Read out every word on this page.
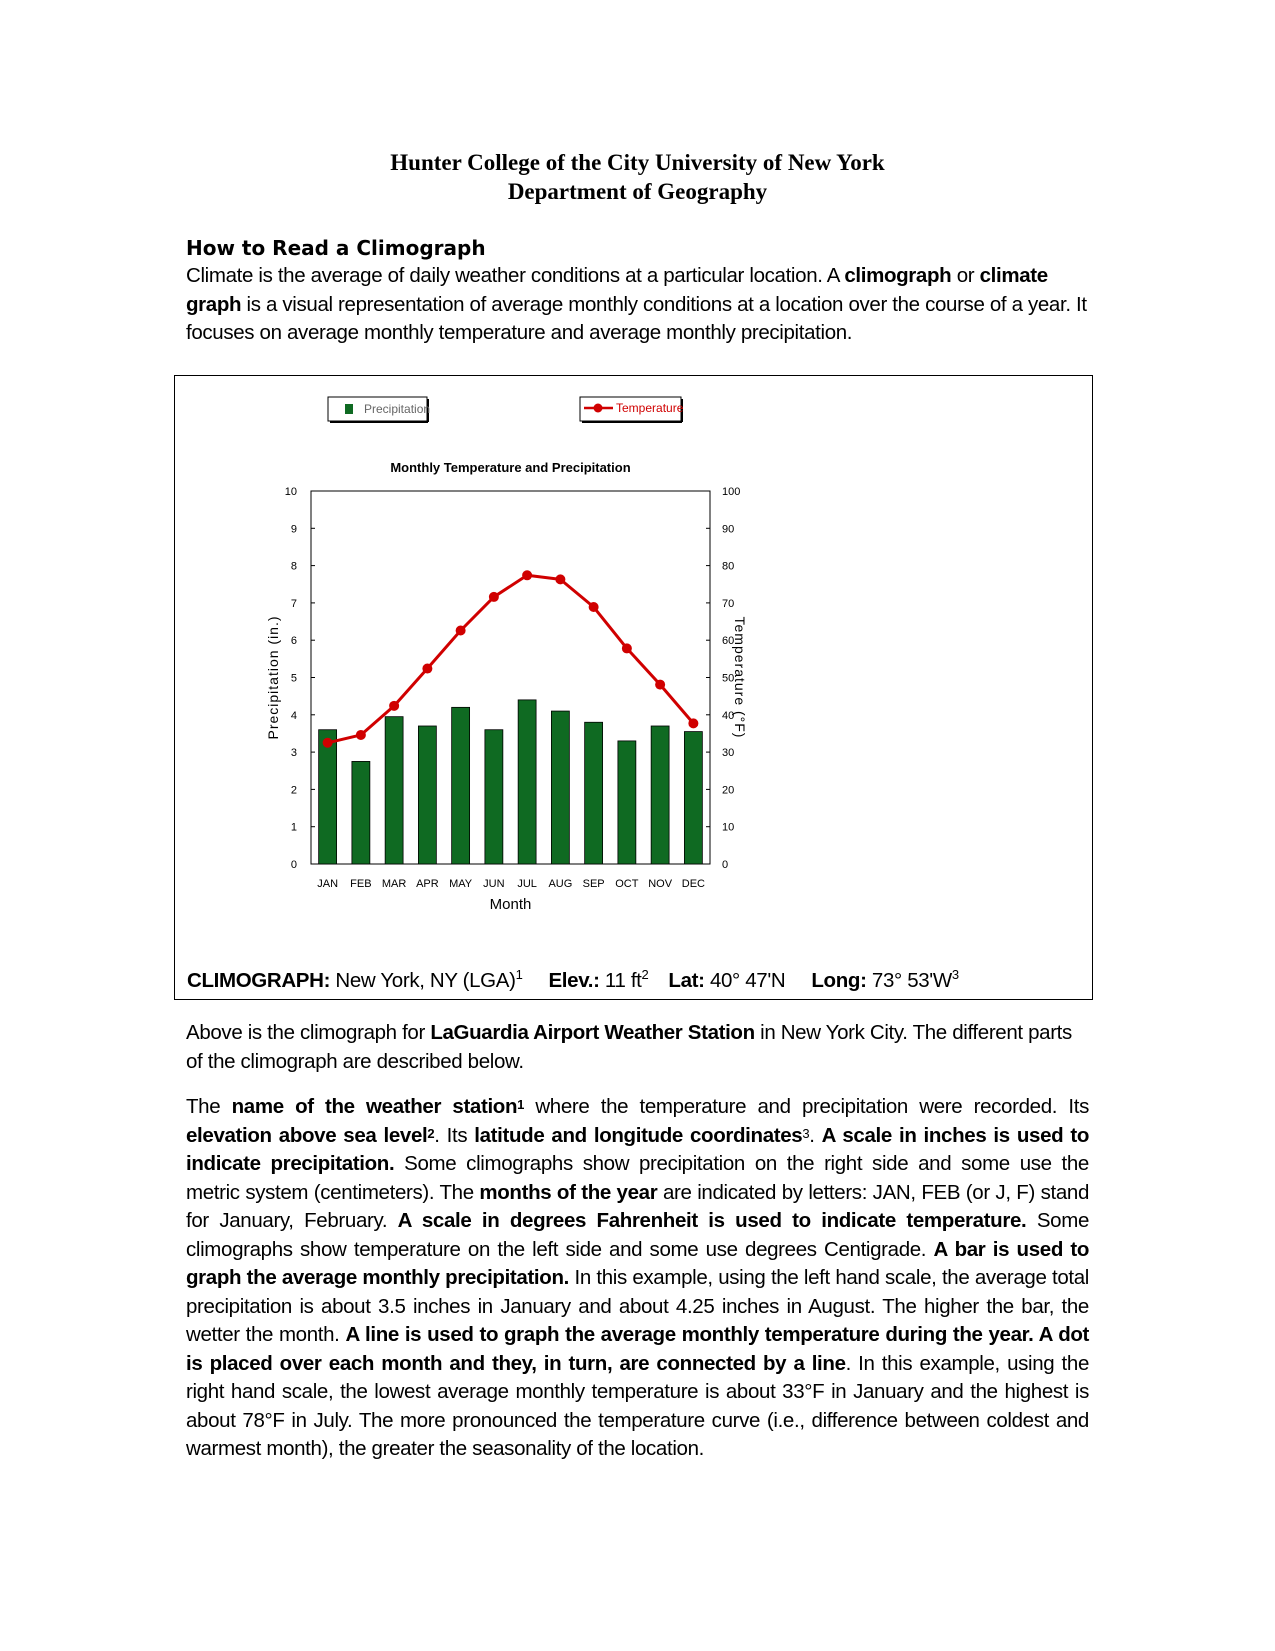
Hunter College of the City University of New York
Department of Geography
How to Read a Climograph
Climate is the average of daily weather conditions at a particular location. A climograph or climate graph is a visual representation of average monthly conditions at a location over the course of a year. It focuses on average monthly temperature and average monthly precipitation.
Precipitation	Temperature
Monthly Temperature and Precipitation
0
1
2
3
4
5
6
7
8
9
10
0
10
20
30
40
50
60
70
80
90
100
Precipitation (in.)	Temperature (°F)
Month
JAN FEB MAR APR MAY JUN JUL AUG SEP OCT NOV DEC
CLIMOGRAPH: New York, NY (LGA)$^1$ Elev.: 11 $ft^2$ Lat: 40° 47'N Long: 73° $53'W^3$
Above is the climograph for LaGuardia Airport Weather Station in New York City. The different parts of the climograph are described below.
The name of the weather station$^1$ where the temperature and precipitation were recorded. Its elevation above sea level$^2$. Its latitude and longitude coordinates$^3$. A scale in inches is used to indicate precipitation. Some climographs show precipitation on the right side and some use the metric system (centimeters). The months of the year are indicated by letters: JAN, FEB (or J, F) stand for January, February. A scale in degrees Fahrenheit is used to indicate temperature. Some climographs show temperature on the left side and some use degrees Centigrade. A bar is used to graph the average monthly precipitation. In this example, using the left hand scale, the average total precipitation is about 3.5 inches in January and about 4.25 inches in August. The higher the bar, the wetter the month. A line is used to graph the average monthly temperature during the year. A dot is placed over each month and they, in turn, are connected by a line. In this example, using the right hand scale, the lowest average monthly temperature is about 33°F in January and the highest is about 78°F in July. The more pronounced the temperature curve (i.e., difference between coldest and warmest month), the greater the seasonality of the location.
